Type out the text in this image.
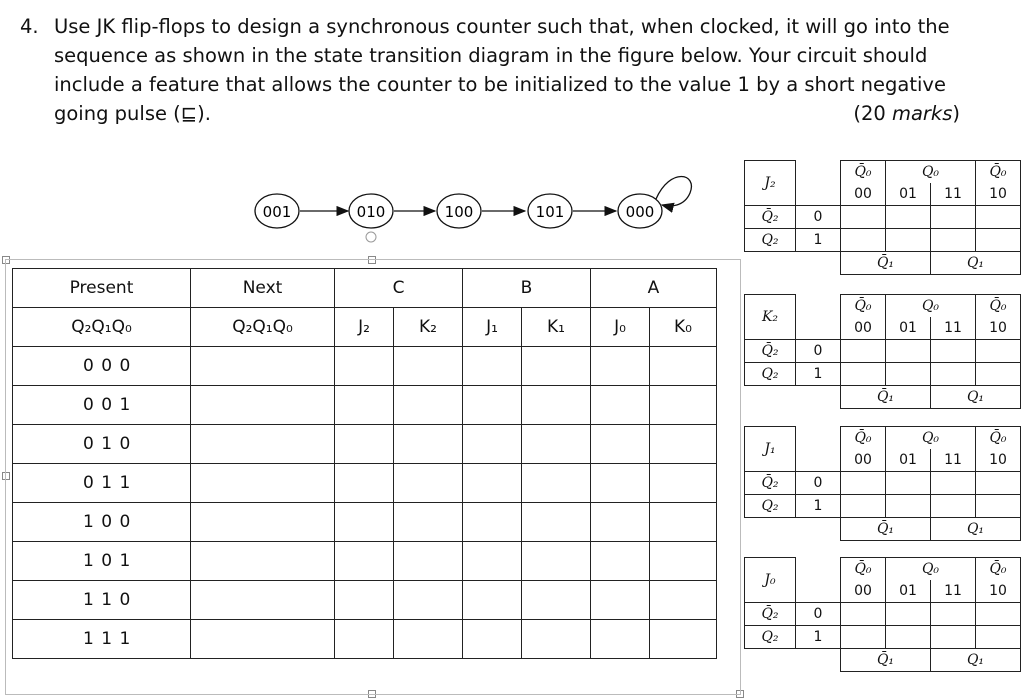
4. Use JK flip-flops to design a synchronous counter such that, when clocked, it will go into the
sequence as shown in the state transition diagram in the figure below. Your circuit should
include a feature that allows the counter to be initialized to the value 1 by a short negative
going pulse (⊑).	(20 marks)
001	010	100	101	000
Present	Next	C		B		A	
Q₂Q₁Q₀	Q₂Q₁Q₀	J₂	K₂	J₁	K₁	J₀	K₀
0 0 0							
0 0 1							
0 1 0							
0 1 1							
1 0 0							
1 0 1							
1 1 0							
1 1 1							
J₂		Q̄₀	Q₀		Q̄₀
		00	01	11	10
Q̄₂	0				
Q₂	1				
		Q̄₁		Q₁	
K₂		Q̄₀	Q₀		Q̄₀
		00	01	11	10
Q̄₂	0				
Q₂	1				
		Q̄₁		Q₁	
J₁		Q̄₀	Q₀		Q̄₀
		00	01	11	10
Q̄₂	0				
Q₂	1				
		Q̄₁		Q₁	
J₀		Q̄₀	Q₀		Q̄₀
		00	01	11	10
Q̄₂	0				
Q₂	1				
		Q̄₁		Q₁	
